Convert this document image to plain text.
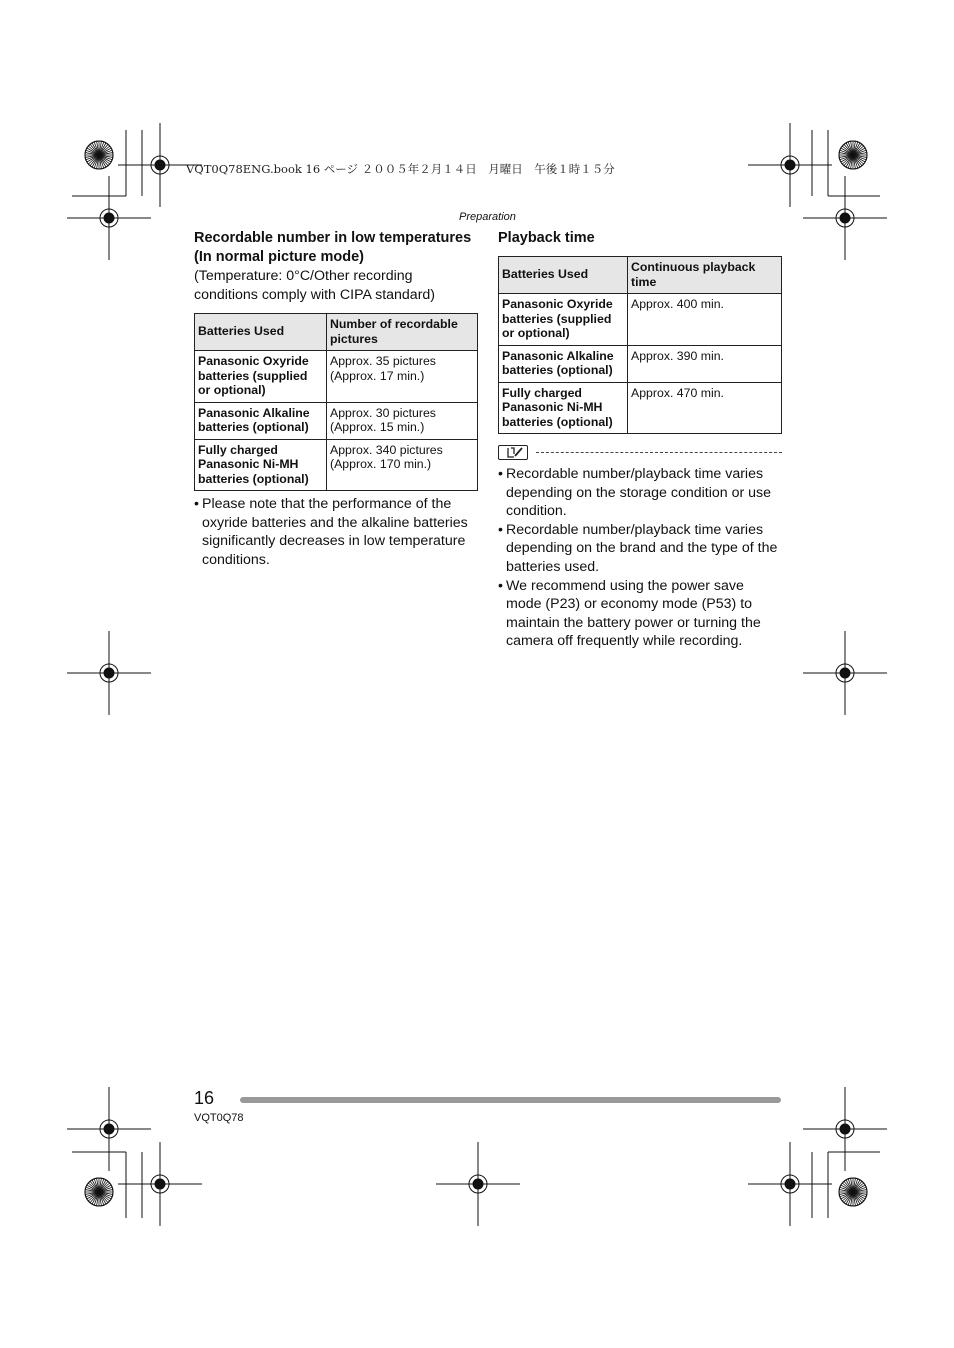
VQT0Q78ENG.book 16 ページ ２００５年２月１４日　月曜日　午後１時１５分
Preparation
Recordable number in low temperatures
(In normal picture mode)
(Temperature: 0°C/Other recording conditions comply with CIPA standard)
Batteries Used	Number of recordable pictures
Panasonic Oxyride batteries (supplied or optional)	Approx. 35 pictures
(Approx. 17 min.)
Panasonic Alkaline batteries (optional)	Approx. 30 pictures
(Approx. 15 min.)
Fully charged Panasonic Ni-MH batteries (optional)	Approx. 340 pictures
(Approx. 170 min.)
• Please note that the performance of the oxyride batteries and the alkaline batteries significantly decreases in low temperature conditions.
Playback time
Batteries Used	Continuous playback time
Panasonic Oxyride batteries (supplied or optional)	Approx. 400 min.
Panasonic Alkaline batteries (optional)	Approx. 390 min.
Fully charged Panasonic Ni-MH batteries (optional)	Approx. 470 min.
• Recordable number/playback time varies depending on the storage condition or use condition.
• Recordable number/playback time varies depending on the brand and the type of the batteries used.
• We recommend using the power save mode (P23) or economy mode (P53) to maintain the battery power or turning the camera off frequently while recording.
16
VQT0Q78
